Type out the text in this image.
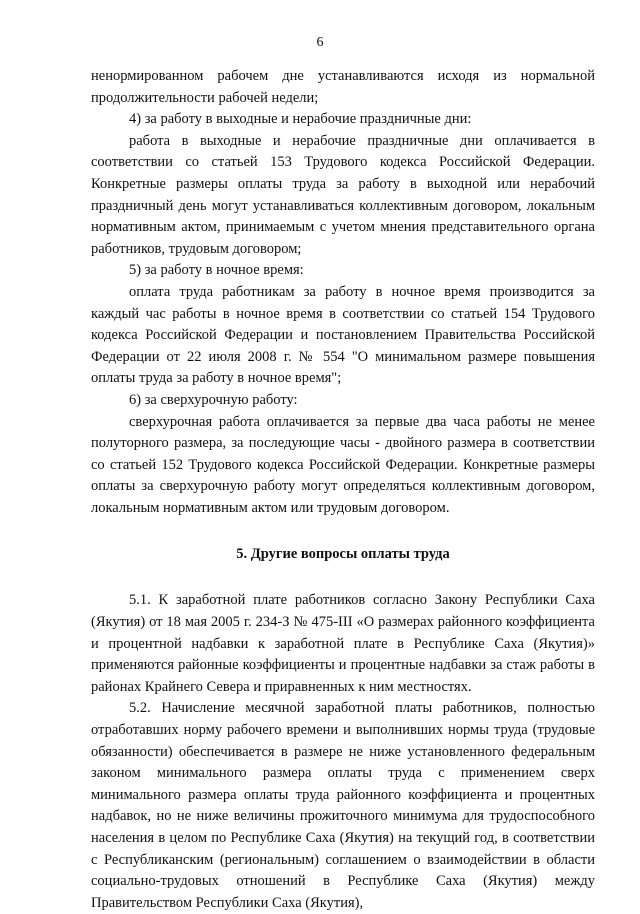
6

ненормированном рабочем дне устанавливаются исходя из нормальной продолжительности рабочей недели;

4) за работу в выходные и нерабочие праздничные дни:

работа в выходные и нерабочие праздничные дни оплачивается в соответствии со статьей 153 Трудового кодекса Российской Федерации. Конкретные размеры оплаты труда за работу в выходной или нерабочий праздничный день могут устанавливаться коллективным договором, локальным нормативным актом, принимаемым с учетом мнения представительного органа работников, трудовым договором;

5) за работу в ночное время:

оплата труда работникам за работу в ночное время производится за каждый час работы в ночное время в соответствии со статьей 154 Трудового кодекса Российской Федерации и постановлением Правительства Российской Федерации от 22 июля 2008 г. № 554 "О минимальном размере повышения оплаты труда за работу в ночное время";

6) за сверхурочную работу:

сверхурочная работа оплачивается за первые два часа работы не менее полуторного размера, за последующие часы - двойного размера в соответствии со статьей 152 Трудового кодекса Российской Федерации. Конкретные размеры оплаты за сверхурочную работу могут определяться коллективным договором, локальным нормативным актом или трудовым договором.

5. Другие вопросы оплаты труда

5.1. К заработной плате работников согласно Закону Республики Саха (Якутия) от 18 мая 2005 г. 234-З № 475-III «О размерах районного коэффициента и процентной надбавки к заработной плате в Республике Саха (Якутия)» применяются районные коэффициенты и процентные надбавки за стаж работы в районах Крайнего Севера и приравненных к ним местностях.

5.2. Начисление месячной заработной платы работников, полностью отработавших норму рабочего времени и выполнивших нормы труда (трудовые обязанности) обеспечивается в размере не ниже установленного федеральным законом минимального размера оплаты труда с применением сверх минимального размера оплаты труда районного коэффициента и процентных надбавок, но не ниже величины прожиточного минимума для трудоспособного населения в целом по Республике Саха (Якутия) на текущий год, в соответствии с Республиканским (региональным) соглашением о взаимодействии в области социально-трудовых отношений в Республике Саха (Якутия) между Правительством Республики Саха (Якутия),
